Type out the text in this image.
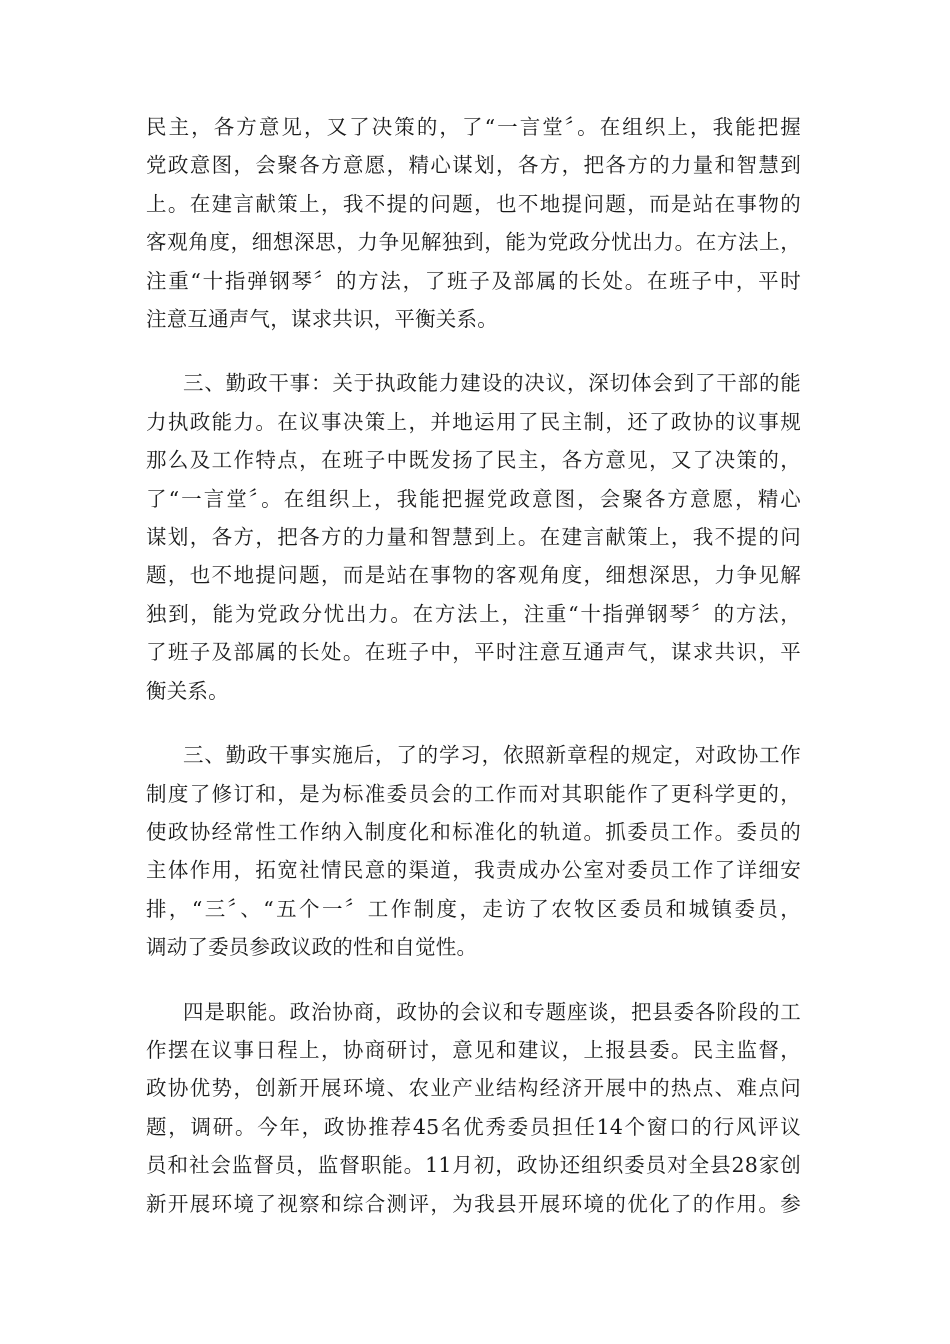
民主，各方意见，又了决策的，了“一言堂〞。在组织上，我能把握
党政意图，会聚各方意愿，精心谋划，各方，把各方的力量和智慧到
上。在建言献策上，我不提的问题，也不地提问题，而是站在事物的
客观角度，细想深思，力争见解独到，能为党政分忧出力。在方法上，
注重“十指弹钢琴〞的方法，了班子及部属的长处。在班子中，平时
注意互通声气，谋求共识，平衡关系。
三、勤政干事：关于执政能力建设的决议，深切体会到了干部的能
力执政能力。在议事决策上，并地运用了民主制，还了政协的议事规
那么及工作特点，在班子中既发扬了民主，各方意见，又了决策的，
了“一言堂〞。在组织上，我能把握党政意图，会聚各方意愿，精心
谋划，各方，把各方的力量和智慧到上。在建言献策上，我不提的问
题，也不地提问题，而是站在事物的客观角度，细想深思，力争见解
独到，能为党政分忧出力。在方法上，注重“十指弹钢琴〞的方法，
了班子及部属的长处。在班子中，平时注意互通声气，谋求共识，平
衡关系。
三、勤政干事实施后，了的学习，依照新章程的规定，对政协工作
制度了修订和，是为标准委员会的工作而对其职能作了更科学更的，
使政协经常性工作纳入制度化和标准化的轨道。抓委员工作。委员的
主体作用，拓宽社情民意的渠道，我责成办公室对委员工作了详细安
排，“三〞、“五个一〞工作制度，走访了农牧区委员和城镇委员，
调动了委员参政议政的性和自觉性。
四是职能。政治协商，政协的会议和专题座谈，把县委各阶段的工
作摆在议事日程上，协商研讨，意见和建议，上报县委。民主监督，
政协优势，创新开展环境、农业产业结构经济开展中的热点、难点问
题，调研。今年，政协推荐45名优秀委员担任14个窗口的行风评议
员和社会监督员，监督职能。11月初，政协还组织委员对全县28家创
新开展环境了视察和综合测评，为我县开展环境的优化了的作用。参
